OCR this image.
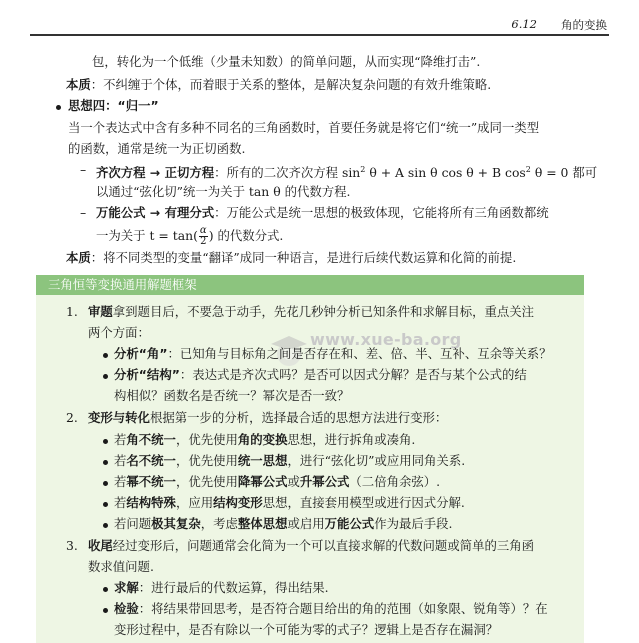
6.12 角的变换
包，转化为一个低维（少量未知数）的简单问题，从而实现“降维打击”.
本质：不纠缠于个体，而着眼于关系的整体，是解决复杂问题的有效升维策略.
思想四：“归一”
当一个表达式中含有多种不同名的三角函数时，首要任务就是将它们“统一”成同一类型
的函数，通常是统一为正切函数.
– 齐次方程 → 正切方程：所有的二次齐次方程 $\sin^2 \theta + A$ sin θ cos θ + B $\cos^2 \theta = 0$ 都可
以通过“弦化切”统一为关于 tan θ 的代数方程.
– 万能公式 → 有理分式：万能公式是统一思想的极致体现，它能将所有三角函数都统
一为关于 $t = \tan( \frac{\alpha}{2}$ ) 的代数分式.
本质：将不同类型的变量“翻译”成同一种语言，是进行后续代数运算和化简的前提.
三角恒等变换通用解题框架
www.xue-ba.org
1. 审题拿到题目后，不要急于动手，先花几秒钟分析已知条件和求解目标，重点关注
两个方面：
分析“角”：已知角与目标角之间是否存在和、差、倍、半、互补、互余等关系？
分析“结构”：表达式是齐次式吗？是否可以因式分解？是否与某个公式的结
构相似？函数名是否统一？幂次是否一致？
2. 变形与转化根据第一步的分析，选择最合适的思想方法进行变形：
若角不统一，优先使用角的变换思想，进行拆角或凑角.
若名不统一，优先使用统一思想，进行“弦化切”或应用同角关系.
若幂不统一，优先使用降幂公式或升幂公式（二倍角余弦）.
若结构特殊，应用结构变形思想，直接套用模型或进行因式分解.
若问题极其复杂，考虑整体思想或启用万能公式作为最后手段.
3. 收尾经过变形后，问题通常会化简为一个可以直接求解的代数问题或简单的三角函
数求值问题.
求解：进行最后的代数运算，得出结果.
检验：将结果带回思考，是否符合题目给出的角的范围（如象限、锐角等）？在
变形过程中，是否有除以一个可能为零的式子？逻辑上是否存在漏洞？
